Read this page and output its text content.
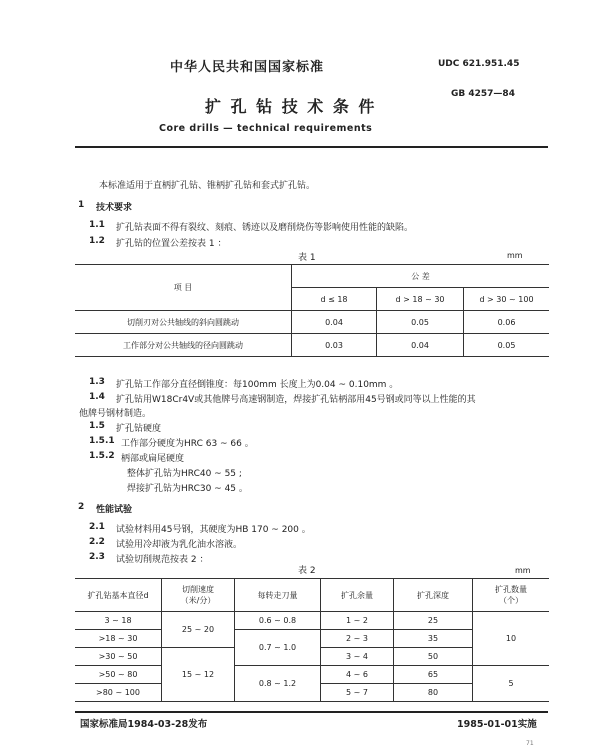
中华人民共和国国家标准	UDC 621.951.45
GB 4257—84
扩 孔 钻 技 术 条 件
Core drills — technical requirements
本标准适用于直柄扩孔钻、锥柄扩孔钻和套式扩孔钻。
1 技术要求
1.1 扩孔钻表面不得有裂纹、刻痕、锈迹以及磨削烧伤等影响使用性能的缺陷。
1.2 扩孔钻的位置公差按表 1 ：
表 1	mm
项 目	公 差		
	d ≤ 18	d > 18 ~ 30	d > 30 ~ 100
切削刃对公共轴线的斜向圆跳动	0.04	0.05	0.06
工作部分对公共轴线的径向圆跳动	0.03	0.04	0.05
1.3 扩孔钻工作部分直径倒锥度：每100mm 长度上为0.04 ~ 0.10mm 。
1.4 扩孔钻用W18Cr4V或其他牌号高速钢制造，焊接扩孔钻柄部用45号钢或同等以上性能的其
他牌号钢材制造。
1.5 扩孔钻硬度
1.5.1 工作部分硬度为HRC 63 ~ 66 。
1.5.2 柄部或扁尾硬度
整体扩孔钻为HRC40 ~ 55 ;
焊接扩孔钻为HRC30 ~ 45 。
2 性能试验
2.1 试验材料用45号钢，其硬度为HB 170 ~ 200 。
2.2 试验用冷却液为乳化油水溶液。
2.3 试验切削规范按表 2 ：
表 2	mm
扩孔钻基本直径d	切削速度
（米/分）	每转走刀量	扩孔余量	扩孔深度	扩孔数量
（个）
3 ~ 18	25 ~ 20	0.6 ~ 0.8	1 ~ 2	25	10
>18 ~ 30		0.7 ~ 1.0	2 ~ 3	35	
>30 ~ 50	15 ~ 12		3 ~ 4	50	
>50 ~ 80		0.8 ~ 1.2	4 ~ 6	65	5
>80 ~ 100			5 ~ 7	80	
国家标准局1984-03-28发布	1985-01-01实施
71
